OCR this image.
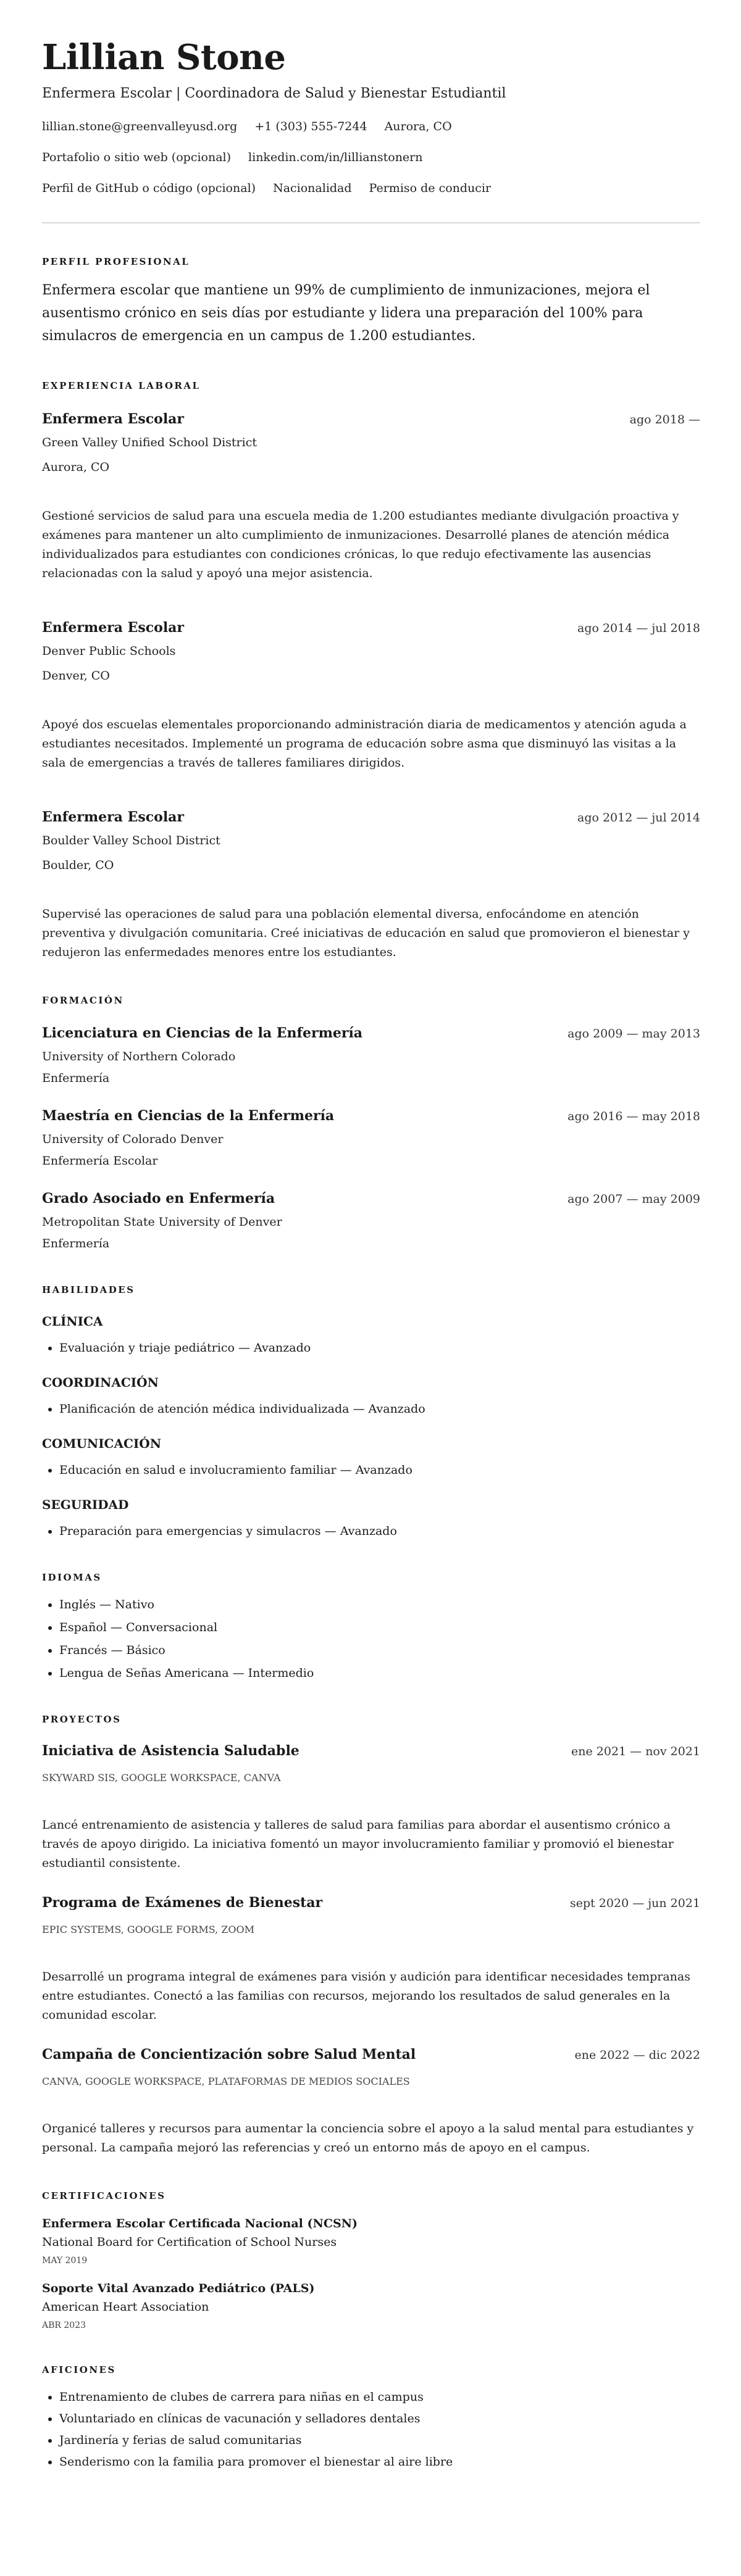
Lillian Stone
Enfermera Escolar | Coordinadora de Salud y Bienestar Estudiantil
lillian.stone@greenvalleyusd.org +1 (303) 555-7244 Aurora, CO
Portafolio o sitio web (opcional) linkedin.com/in/lillianstonern
Perfil de GitHub o código (opcional) Nacionalidad Permiso de conducir
PERFIL PROFESIONAL
Enfermera escolar que mantiene un 99% de cumplimiento de inmunizaciones, mejora el ausentismo crónico en seis días por estudiante y lidera una preparación del 100% para simulacros de emergencia en un campus de 1.200 estudiantes.
EXPERIENCIA LABORAL
Enfermera Escolar	ago 2018 —
Green Valley Unified School District
Aurora, CO
Gestioné servicios de salud para una escuela media de 1.200 estudiantes mediante divulgación proactiva y exámenes para mantener un alto cumplimiento de inmunizaciones. Desarrollé planes de atención médica individualizados para estudiantes con condiciones crónicas, lo que redujo efectivamente las ausencias relacionadas con la salud y apoyó una mejor asistencia.
Enfermera Escolar	ago 2014 — jul 2018
Denver Public Schools
Denver, CO
Apoyé dos escuelas elementales proporcionando administración diaria de medicamentos y atención aguda a estudiantes necesitados. Implementé un programa de educación sobre asma que disminuyó las visitas a la sala de emergencias a través de talleres familiares dirigidos.
Enfermera Escolar	ago 2012 — jul 2014
Boulder Valley School District
Boulder, CO
Supervisé las operaciones de salud para una población elemental diversa, enfocándome en atención preventiva y divulgación comunitaria. Creé iniciativas de educación en salud que promovieron el bienestar y redujeron las enfermedades menores entre los estudiantes.
FORMACIÓN
Licenciatura en Ciencias de la Enfermería	ago 2009 — may 2013
University of Northern Colorado
Enfermería
Maestría en Ciencias de la Enfermería	ago 2016 — may 2018
University of Colorado Denver
Enfermería Escolar
Grado Asociado en Enfermería	ago 2007 — may 2009
Metropolitan State University of Denver
Enfermería
HABILIDADES
CLÍNICA
• Evaluación y triaje pediátrico — Avanzado
COORDINACIÓN
• Planificación de atención médica individualizada — Avanzado
COMUNICACIÓN
• Educación en salud e involucramiento familiar — Avanzado
SEGURIDAD
• Preparación para emergencias y simulacros — Avanzado
IDIOMAS
• Inglés — Nativo
• Español — Conversacional
• Francés — Básico
• Lengua de Señas Americana — Intermedio
PROYECTOS
Iniciativa de Asistencia Saludable	ene 2021 — nov 2021
SKYWARD SIS, GOOGLE WORKSPACE, CANVA
Lancé entrenamiento de asistencia y talleres de salud para familias para abordar el ausentismo crónico a través de apoyo dirigido. La iniciativa fomentó un mayor involucramiento familiar y promovió el bienestar estudiantil consistente.
Programa de Exámenes de Bienestar	sept 2020 — jun 2021
EPIC SYSTEMS, GOOGLE FORMS, ZOOM
Desarrollé un programa integral de exámenes para visión y audición para identificar necesidades tempranas entre estudiantes. Conectó a las familias con recursos, mejorando los resultados de salud generales en la comunidad escolar.
Campaña de Concientización sobre Salud Mental	ene 2022 — dic 2022
CANVA, GOOGLE WORKSPACE, PLATAFORMAS DE MEDIOS SOCIALES
Organicé talleres y recursos para aumentar la conciencia sobre el apoyo a la salud mental para estudiantes y personal. La campaña mejoró las referencias y creó un entorno más de apoyo en el campus.
CERTIFICACIONES
Enfermera Escolar Certificada Nacional (NCSN)
National Board for Certification of School Nurses
MAY 2019
Soporte Vital Avanzado Pediátrico (PALS)
American Heart Association
ABR 2023
AFICIONES
• Entrenamiento de clubes de carrera para niñas en el campus
• Voluntariado en clínicas de vacunación y selladores dentales
• Jardinería y ferias de salud comunitarias
• Senderismo con la familia para promover el bienestar al aire libre
